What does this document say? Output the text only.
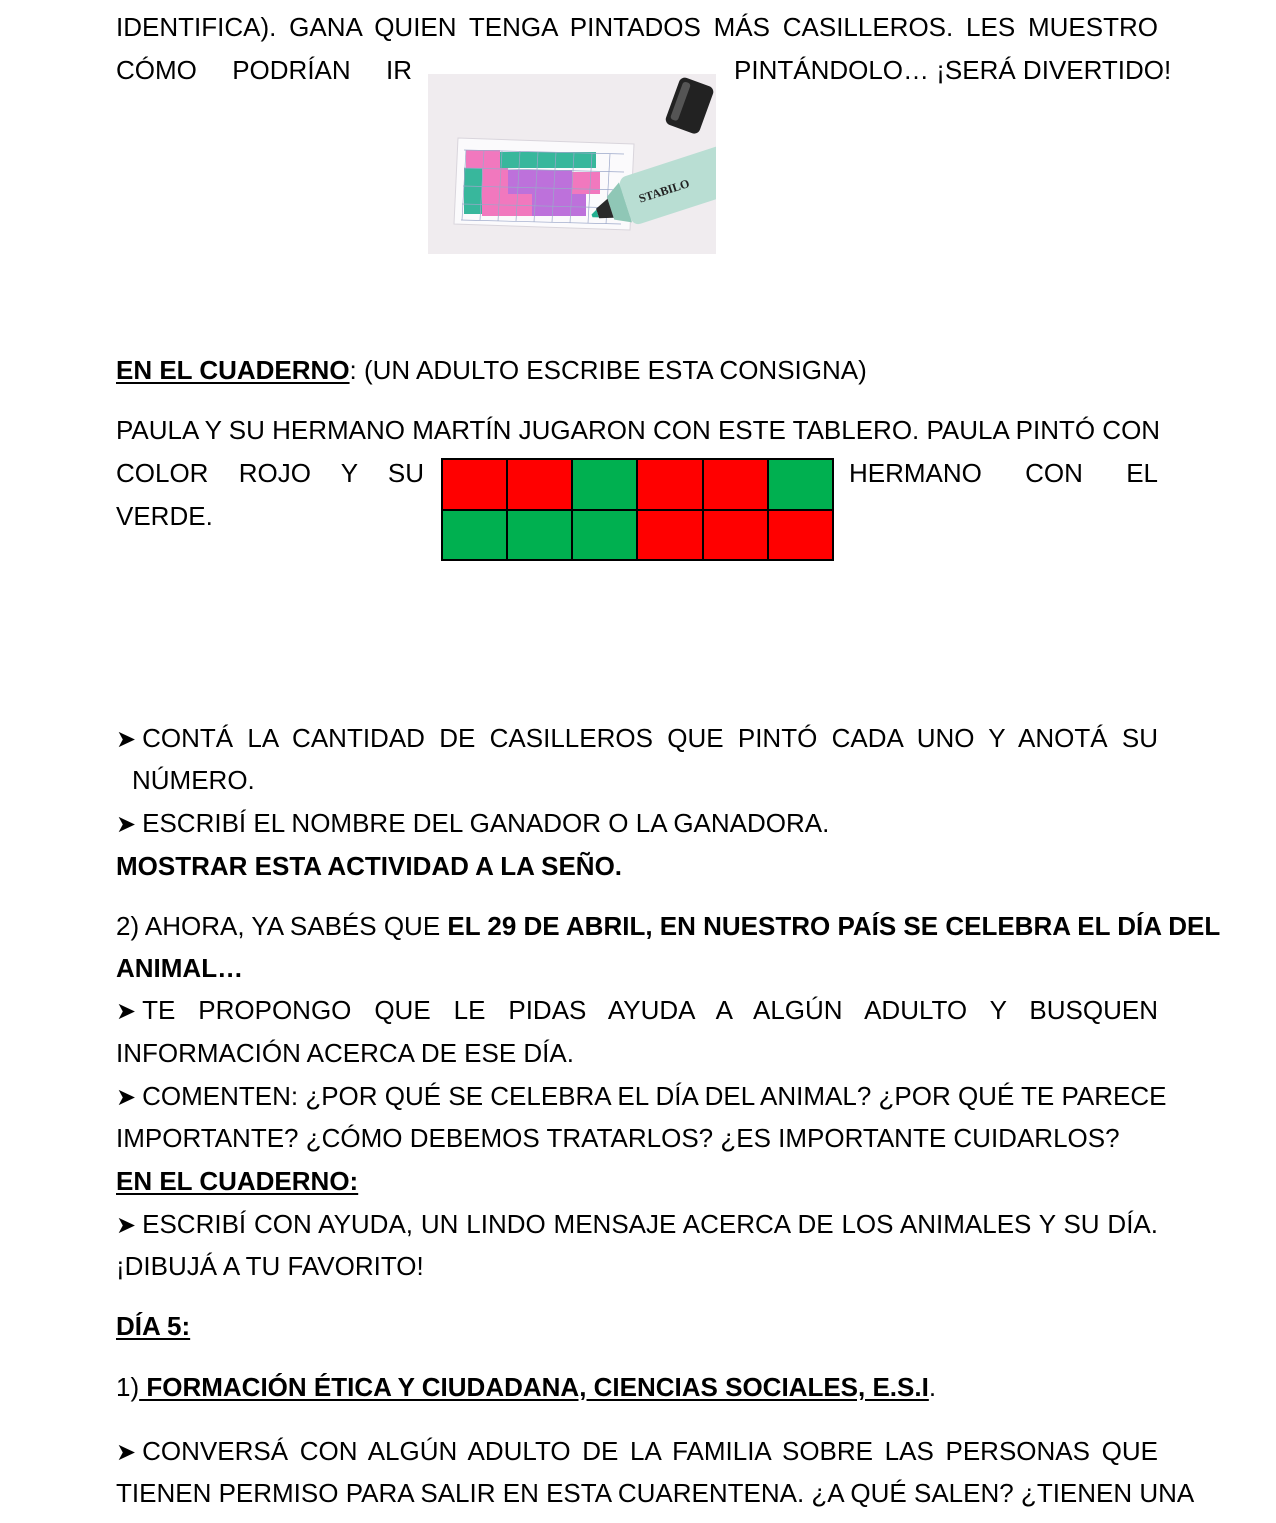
IDENTIFICA). GANA QUIEN TENGA PINTADOS MÁS CASILLEROS. LES MUESTRO
CÓMO PODRÍAN IR	PINTÁNDOLO… ¡SERÁ DIVERTIDO!
STABILO
EN EL CUADERNO: (UN ADULTO ESCRIBE ESTA CONSIGNA)
PAULA Y SU HERMANO MARTÍN JUGARON CON ESTE TABLERO. PAULA PINTÓ CON
COLOR ROJO Y SU	HERMANO CON EL
VERDE.
➤ CONTÁ LA CANTIDAD DE CASILLEROS QUE PINTÓ CADA UNO Y ANOTÁ SU
NÚMERO.
➤ ESCRIBÍ EL NOMBRE DEL GANADOR O LA GANADORA.
MOSTRAR ESTA ACTIVIDAD A LA SEÑO.
2) AHORA, YA SABÉS QUE EL 29 DE ABRIL, EN NUESTRO PAÍS SE CELEBRA EL DÍA DEL
ANIMAL…
➤ TE PROPONGO QUE LE PIDAS AYUDA A ALGÚN ADULTO Y BUSQUEN
INFORMACIÓN ACERCA DE ESE DÍA.
➤ COMENTEN: ¿POR QUÉ SE CELEBRA EL DÍA DEL ANIMAL? ¿POR QUÉ TE PARECE
IMPORTANTE? ¿CÓMO DEBEMOS TRATARLOS? ¿ES IMPORTANTE CUIDARLOS?
EN EL CUADERNO:
➤ ESCRIBÍ CON AYUDA, UN LINDO MENSAJE ACERCA DE LOS ANIMALES Y SU DÍA.
¡DIBUJÁ A TU FAVORITO!
DÍA 5:
1) FORMACIÓN ÉTICA Y CIUDADANA, CIENCIAS SOCIALES, E.S.I.
➤ CONVERSÁ CON ALGÚN ADULTO DE LA FAMILIA SOBRE LAS PERSONAS QUE
TIENEN PERMISO PARA SALIR EN ESTA CUARENTENA. ¿A QUÉ SALEN? ¿TIENEN UNA
